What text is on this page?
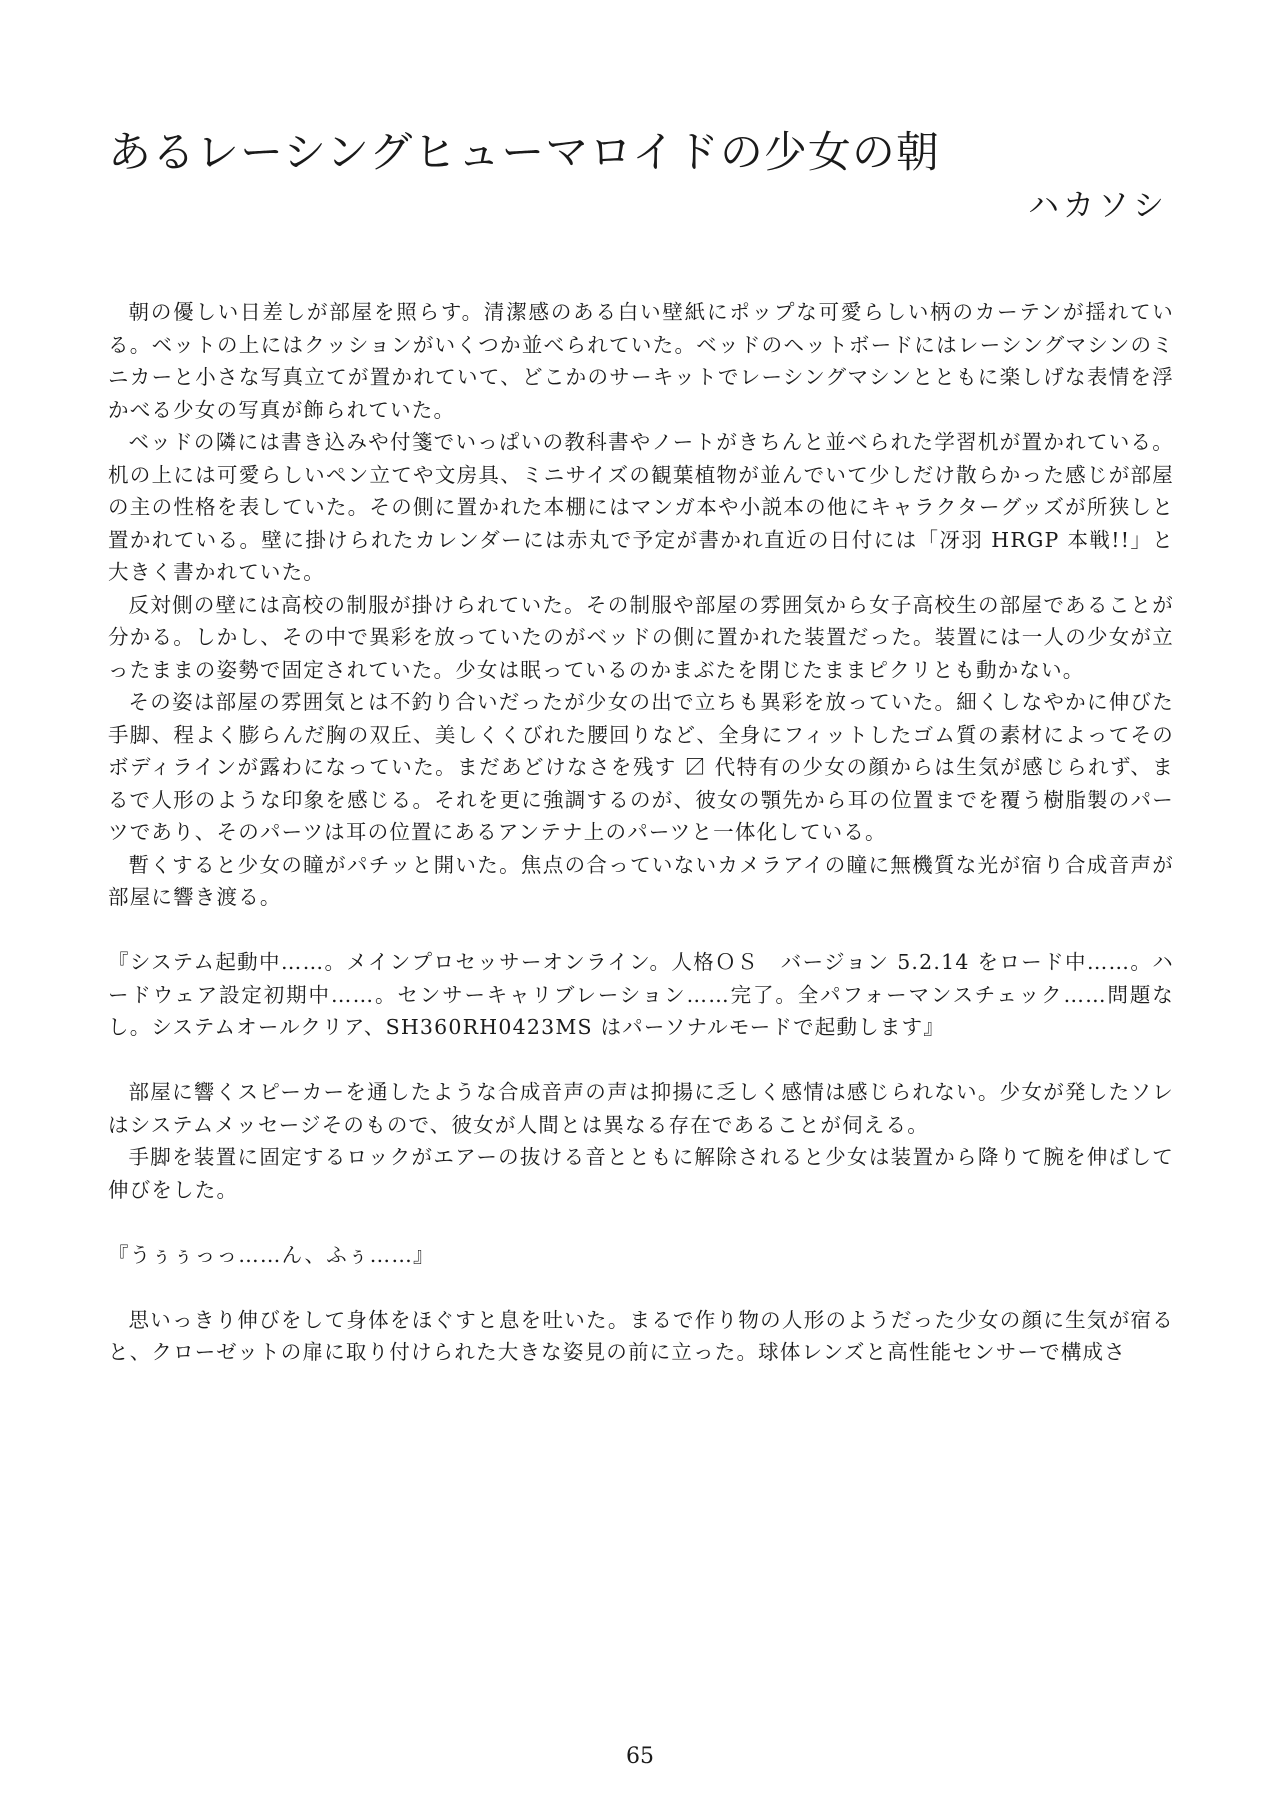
あるレーシングヒューマロイドの少女の朝

ハカソシ

朝の優しい日差しが部屋を照らす。清潔感のある白い壁紙にポップな可愛らしい柄のカーテンが揺れている。ベットの上にはクッションがいくつか並べられていた。ベッドのヘットボードにはレーシングマシンのミニカーと小さな写真立てが置かれていて、どこかのサーキットでレーシングマシンとともに楽しげな表情を浮かべる少女の写真が飾られていた。

ベッドの隣には書き込みや付箋でいっぱいの教科書やノートがきちんと並べられた学習机が置かれている。机の上には可愛らしいペン立てや文房具、ミニサイズの観葉植物が並んでいて少しだけ散らかった感じが部屋の主の性格を表していた。その側に置かれた本棚にはマンガ本や小説本の他にキャラクターグッズが所狭しと置かれている。壁に掛けられたカレンダーには赤丸で予定が書かれ直近の日付には「冴羽 HRGP 本戦!!」と大きく書かれていた。

反対側の壁には高校の制服が掛けられていた。その制服や部屋の雰囲気から女子高校生の部屋であることが分かる。しかし、その中で異彩を放っていたのがベッドの側に置かれた装置だった。装置には一人の少女が立ったままの姿勢で固定されていた。少女は眠っているのかまぶたを閉じたままピクリとも動かない。

その姿は部屋の雰囲気とは不釣り合いだったが少女の出で立ちも異彩を放っていた。細くしなやかに伸びた手脚、程よく膨らんだ胸の双丘、美しくくびれた腰回りなど、全身にフィットしたゴム質の素材によってそのボディラインが露わになっていた。まだあどけなさを残す 〼 代特有の少女の顔からは生気が感じられず、まるで人形のような印象を感じる。それを更に強調するのが、彼女の顎先から耳の位置までを覆う樹脂製のパーツであり、そのパーツは耳の位置にあるアンテナ上のパーツと一体化している。

暫くすると少女の瞳がパチッと開いた。焦点の合っていないカメラアイの瞳に無機質な光が宿り合成音声が部屋に響き渡る。

『システム起動中……。メインプロセッサーオンライン。人格ＯＳ　バージョン 5.2.14 をロード中……。ハードウェア設定初期中……。センサーキャリブレーション……完了。全パフォーマンスチェック……問題なし。システムオールクリア、SH360RH0423MS はパーソナルモードで起動します』

部屋に響くスピーカーを通したような合成音声の声は抑揚に乏しく感情は感じられない。少女が発したソレはシステムメッセージそのもので、彼女が人間とは異なる存在であることが伺える。

手脚を装置に固定するロックがエアーの抜ける音とともに解除されると少女は装置から降りて腕を伸ばして伸びをした。

『うぅぅっっ……ん、ふぅ……』

思いっきり伸びをして身体をほぐすと息を吐いた。まるで作り物の人形のようだった少女の顔に生気が宿ると、クローゼットの扉に取り付けられた大きな姿見の前に立った。球体レンズと高性能センサーで構成さ

65
